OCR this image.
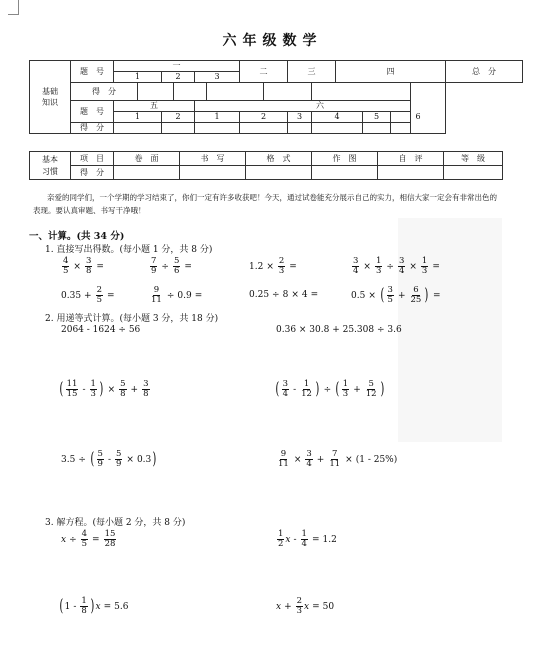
六年级数学
基础知识	题　号	一						二		三		四				总　分
		1		2		3										
	得　分															
	题　号	五				六										
		1		2		1		2		3	4		5	6		
	得　分															
基本习惯	项　目	卷　面	书　写	格　式	作　图	自　评	等　级
	得　分						
亲爱的同学们，一个学期的学习结束了，你们一定有许多收获吧！今天，通过试卷能充分展示自己的实力，相信大家一定会有非常出色的表现。要认真审题、书写干净哦！
一、计算。(共 34 分)
1. 直接写出得数。(每小题 1 分，共 8 分)
$\frac{4}{5} \times \frac{3}{8}$ =	$\frac{7}{9} \div \frac{5}{6}$ =	$1.2 \times \frac{2}{3}$ =	$\frac{3}{4} \times \frac{1}{3} \div \frac{3}{4} \times \frac{1}{3}$ =
$0.35 + \frac{2}{5}$ =	$\frac{9}{11} \div 0.9$ =	0.25 ÷ 8 × 4 =	0.5 × ( $\frac{3}{5} + \frac{6}{25}$ ) =
2. 用递等式计算。(每小题 3 分，共 18 分)
2064 - 1624 ÷ 56	0.36 × 30.8 + 25.308 ÷ 3.6
( $\frac{11}{15} - \frac{1}{3}$ ) × $\frac{5}{8} + \frac{3}{8}$	( $\frac{3}{4} - \frac{1}{12}$ ) ÷ ( $\frac{1}{3} + \frac{5}{12}$ )
3.5 ÷ ( $\frac{5}{9} - \frac{5}{9} \times 0.3$ )	$\frac{9}{11} \times \frac{3}{4} + \frac{7}{11} \times (1 - 25\%)$
3. 解方程。(每小题 2 分，共 8 分)
$x \div \frac{4}{5} = \frac{15}{28}$	$\frac{1}{2}$ $x - \frac{1}{4} = 1.2$
( $1 - \frac{1}{8}$ ) x = 5.6	$x + \frac{2}{3}$ x = 50
